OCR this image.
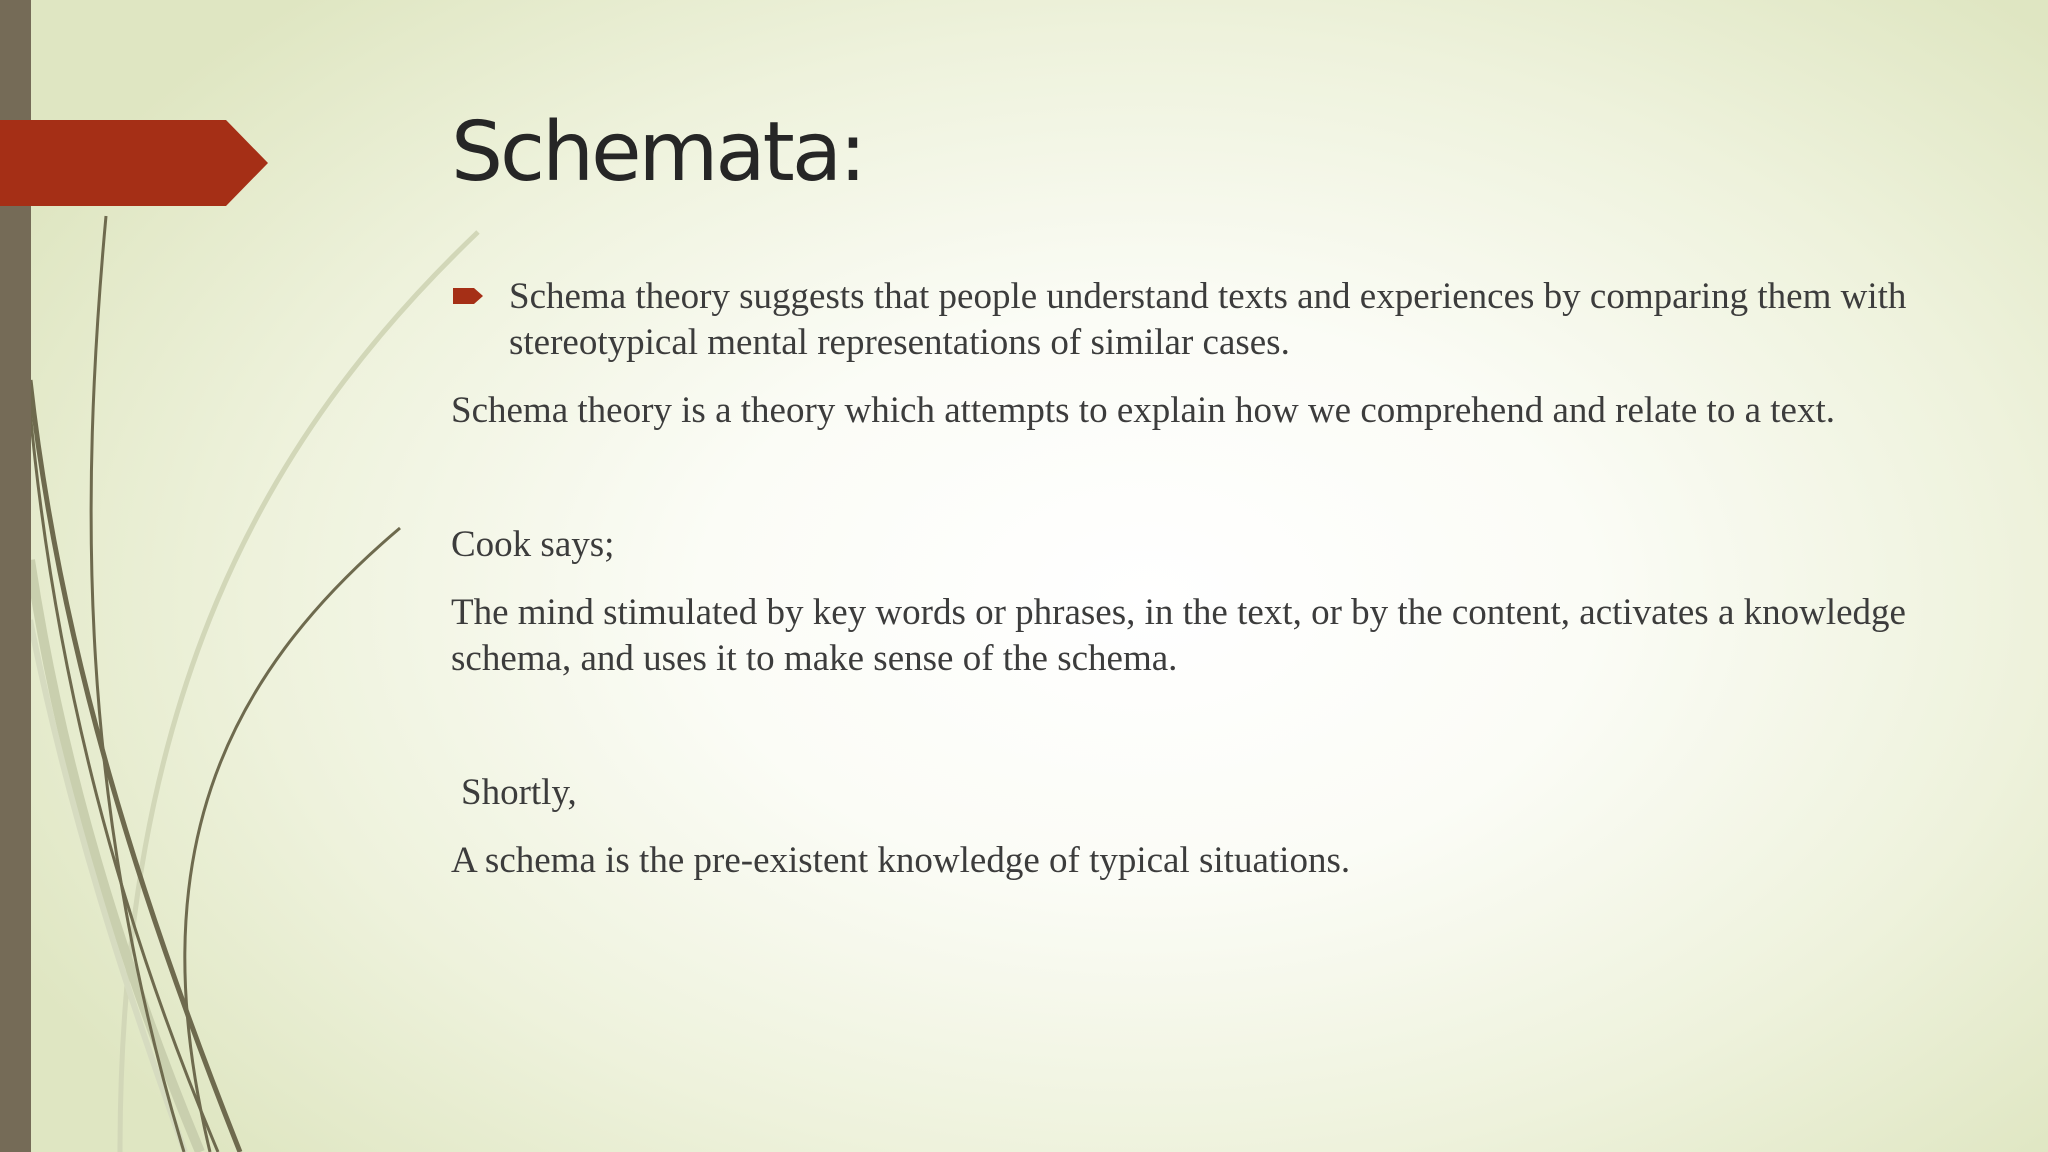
Schemata:
Schema theory suggests that people understand texts and experiences by comparing them with stereotypical mental representations of similar cases.

Schema theory is a theory which attempts to explain how we comprehend and relate to a text.

Cook says;

The mind stimulated by key words or phrases, in the text, or by the content, activates a knowledge schema, and uses it to make sense of the schema.

Shortly,

A schema is the pre-existent knowledge of typical situations.
